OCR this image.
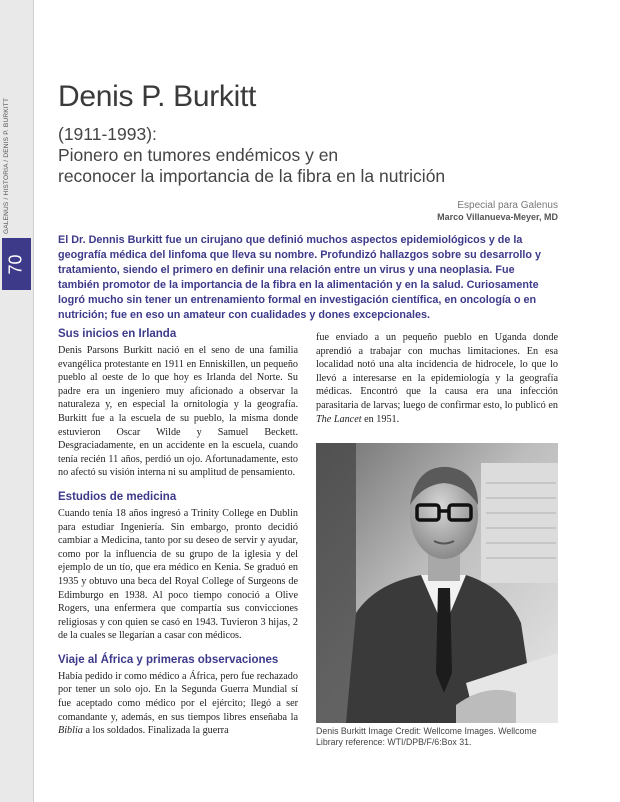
GALENUS / HISTORIA / DENIS P. BURKITT
70
Denis P. Burkitt
(1911-1993):
Pionero en tumores endémicos y en
reconocer la importancia de la fibra en la nutrición
Especial para Galenus
Marco Villanueva-Meyer, MD

El Dr. Dennis Burkitt fue un cirujano que definió muchos aspectos epidemiológicos y de la geografía médica del linfoma que lleva su nombre. Profundizó hallazgos sobre su desarrollo y tratamiento, siendo el primero en definir una relación entre un virus y una neoplasia. Fue también promotor de la importancia de la fibra en la alimentación y en la salud. Curiosamente logró mucho sin tener un entrenamiento formal en investigación científica, en oncología o en nutrición; fue en eso un amateur con cualidades y dones excepcionales.

Sus inicios en Irlanda

Denis Parsons Burkitt nació en el seno de una familia evangélica protestante en 1911 en Enniskillen, un pequeño pueblo al oeste de lo que hoy es Irlanda del Norte. Su padre era un ingeniero muy aficionado a observar la naturaleza y, en especial la ornitología y la geografía. Burkitt fue a la escuela de su pueblo, la misma donde estuvieron Oscar Wilde y Samuel Beckett. Desgraciadamente, en un accidente en la escuela, cuando tenía recién 11 años, perdió un ojo. Afortunadamente, esto no afectó su visión interna ni su amplitud de pensamiento.

Estudios de medicina

Cuando tenía 18 años ingresó a Trinity College en Dublin para estudiar Ingeniería. Sin embargo, pronto decidió cambiar a Medicina, tanto por su deseo de servir y ayudar, como por la influencia de su grupo de la iglesia y del ejemplo de un tío, que era médico en Kenia. Se graduó en 1935 y obtuvo una beca del Royal College of Surgeons de Edimburgo en 1938. Al poco tiempo conoció a Olive Rogers, una enfermera que compartía sus convicciones religiosas y con quien se casó en 1943. Tuvieron 3 hijas, 2 de la cuales se llegarían a casar con médicos.

Viaje al África y primeras observaciones

Había pedido ir como médico a África, pero fue rechazado por tener un solo ojo. En la Segunda Guerra Mundial sí fue aceptado como médico por el ejército; llegó a ser comandante y, además, en sus tiempos libres enseñaba la Biblia a los soldados. Finalizada la guerra

fue enviado a un pequeño pueblo en Uganda donde aprendió a trabajar con muchas limitaciones. En esa localidad notó una alta incidencia de hidrocele, lo que lo llevó a interesarse en la epidemiología y la geografía médicas. Encontró que la causa era una infección parasitaria de larvas; luego de confirmar esto, lo publicó en The Lancet en 1951.

Denis Burkitt Image Credit: Wellcome Images. Wellcome Library reference: WTI/DPB/F/6:Box 31.
